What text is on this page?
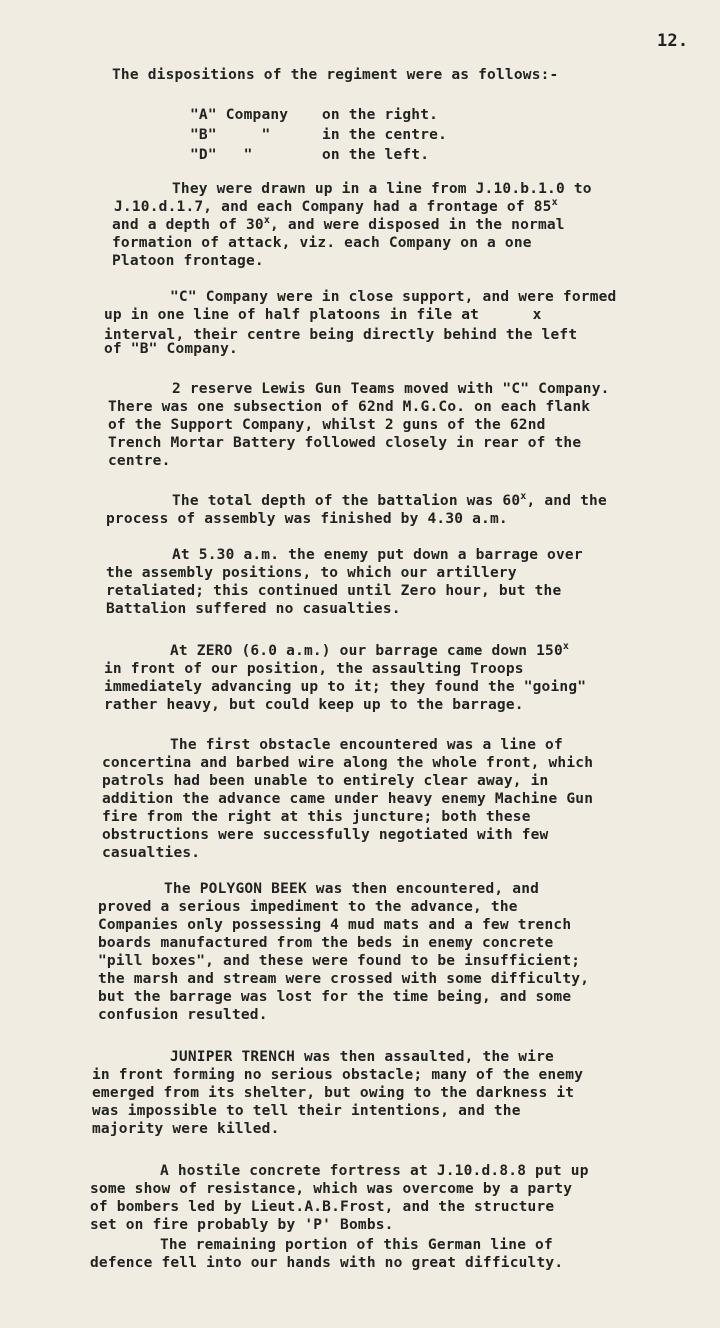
12.
The dispositions of the regiment were as follows:-
"A" Company on the right.
"B"     "	in the centre.
"D"   "	on the left.
They were drawn up in a line from J.10.b.1.0 to
J.10.d.1.7, and each Company had a frontage of 85$^x$
and a depth of 30$^x$, and were disposed in the normal
formation of attack, viz. each Company on a one
Platoon frontage.
"C" Company were in close support, and were formed
up in one line of half platoons in file at      x
interval, their centre being directly behind the left
of "B" Company.
2 reserve Lewis Gun Teams moved with "C" Company.
There was one subsection of 62nd M.G.Co. on each flank
of the Support Company, whilst 2 guns of the 62nd
Trench Mortar Battery followed closely in rear of the
centre.
The total depth of the battalion was 60$^x$, and the
process of assembly was finished by 4.30 a.m.
At 5.30 a.m. the enemy put down a barrage over
the assembly positions, to which our artillery
retaliated; this continued until Zero hour, but the
Battalion suffered no casualties.
At ZERO (6.0 a.m.) our barrage came down 150$^x$
in front of our position, the assaulting Troops
immediately advancing up to it; they found the "going"
rather heavy, but could keep up to the barrage.
The first obstacle encountered was a line of
concertina and barbed wire along the whole front, which
patrols had been unable to entirely clear away, in
addition the advance came under heavy enemy Machine Gun
fire from the right at this juncture; both these
obstructions were successfully negotiated with few
casualties.
The POLYGON BEEK was then encountered, and
proved a serious impediment to the advance, the
Companies only possessing 4 mud mats and a few trench
boards manufactured from the beds in enemy concrete
"pill boxes", and these were found to be insufficient;
the marsh and stream were crossed with some difficulty,
but the barrage was lost for the time being, and some
confusion resulted.
JUNIPER TRENCH was then assaulted, the wire
in front forming no serious obstacle; many of the enemy
emerged from its shelter, but owing to the darkness it
was impossible to tell their intentions, and the
majority were killed.
A hostile concrete fortress at J.10.d.8.8 put up
some show of resistance, which was overcome by a party
of bombers led by Lieut.A.B.Frost, and the structure
set on fire probably by 'P' Bombs.
The remaining portion of this German line of
defence fell into our hands with no great difficulty.
